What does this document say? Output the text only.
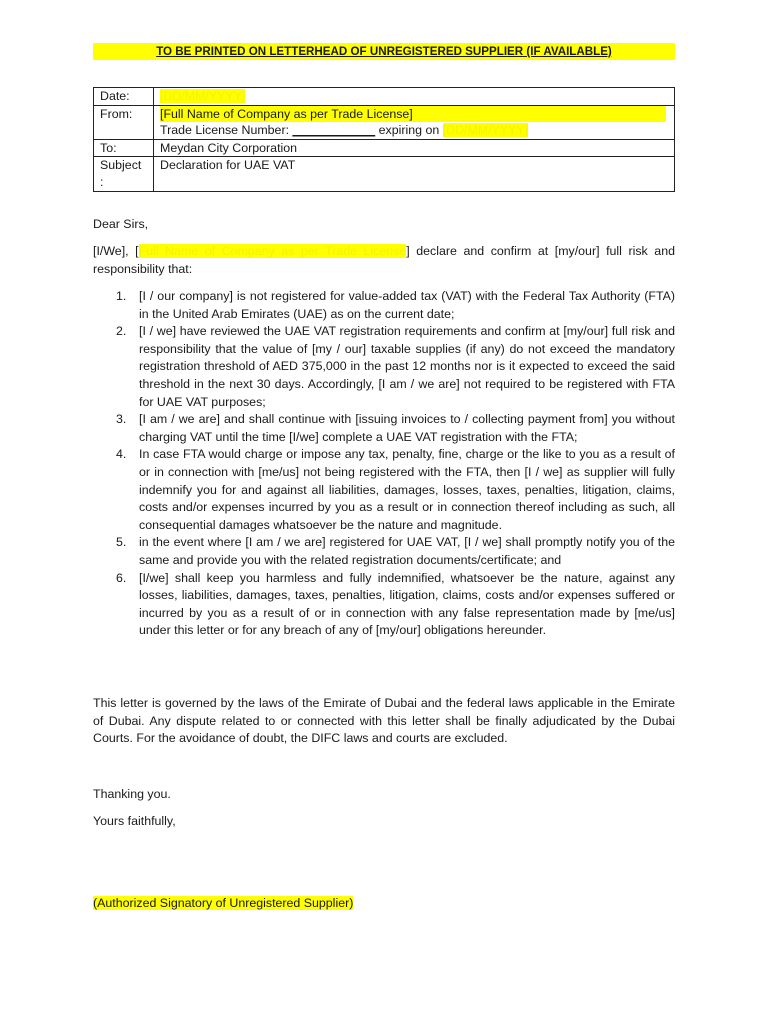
TO BE PRINTED ON LETTERHEAD OF UNREGISTERED SUPPLIER (IF AVAILABLE)
Date:	[DD/MM/YYYY]
From:	[Full Name of Company as per Trade License]
Trade License Number: ____________ expiring on [DD/MM/YYYY]
To:	Meydan City Corporation
Subject :	Declaration for UAE VAT
Dear Sirs,
[I/We], [Full Name of Company as per Trade License] declare and confirm at [my/our] full risk and responsibility that:
1. [I / our company] is not registered for value-added tax (VAT) with the Federal Tax Authority (FTA) in the United Arab Emirates (UAE) as on the current date;
2. [I / we] have reviewed the UAE VAT registration requirements and confirm at [my/our] full risk and responsibility that the value of [my / our] taxable supplies (if any) do not exceed the mandatory registration threshold of AED 375,000 in the past 12 months nor is it expected to exceed the said threshold in the next 30 days. Accordingly, [I am / we are] not required to be registered with FTA for UAE VAT purposes;
3. [I am / we are] and shall continue with [issuing invoices to / collecting payment from] you without charging VAT until the time [I/we] complete a UAE VAT registration with the FTA;
4. In case FTA would charge or impose any tax, penalty, fine, charge or the like to you as a result of or in connection with [me/us] not being registered with the FTA, then [I / we] as supplier will fully indemnify you for and against all liabilities, damages, losses, taxes, penalties, litigation, claims, costs and/or expenses incurred by you as a result or in connection thereof including as such, all consequential damages whatsoever be the nature and magnitude.
5. in the event where [I am / we are] registered for UAE VAT, [I / we] shall promptly notify you of the same and provide you with the related registration documents/certificate; and
6. [I/we] shall keep you harmless and fully indemnified, whatsoever be the nature, against any losses, liabilities, damages, taxes, penalties, litigation, claims, costs and/or expenses suffered or incurred by you as a result of or in connection with any false representation made by [me/us] under this letter or for any breach of any of [my/our] obligations hereunder.
This letter is governed by the laws of the Emirate of Dubai and the federal laws applicable in the Emirate of Dubai. Any dispute related to or connected with this letter shall be finally adjudicated by the Dubai Courts. For the avoidance of doubt, the DIFC laws and courts are excluded.
Thanking you.
Yours faithfully,
(Authorized Signatory of Unregistered Supplier)
